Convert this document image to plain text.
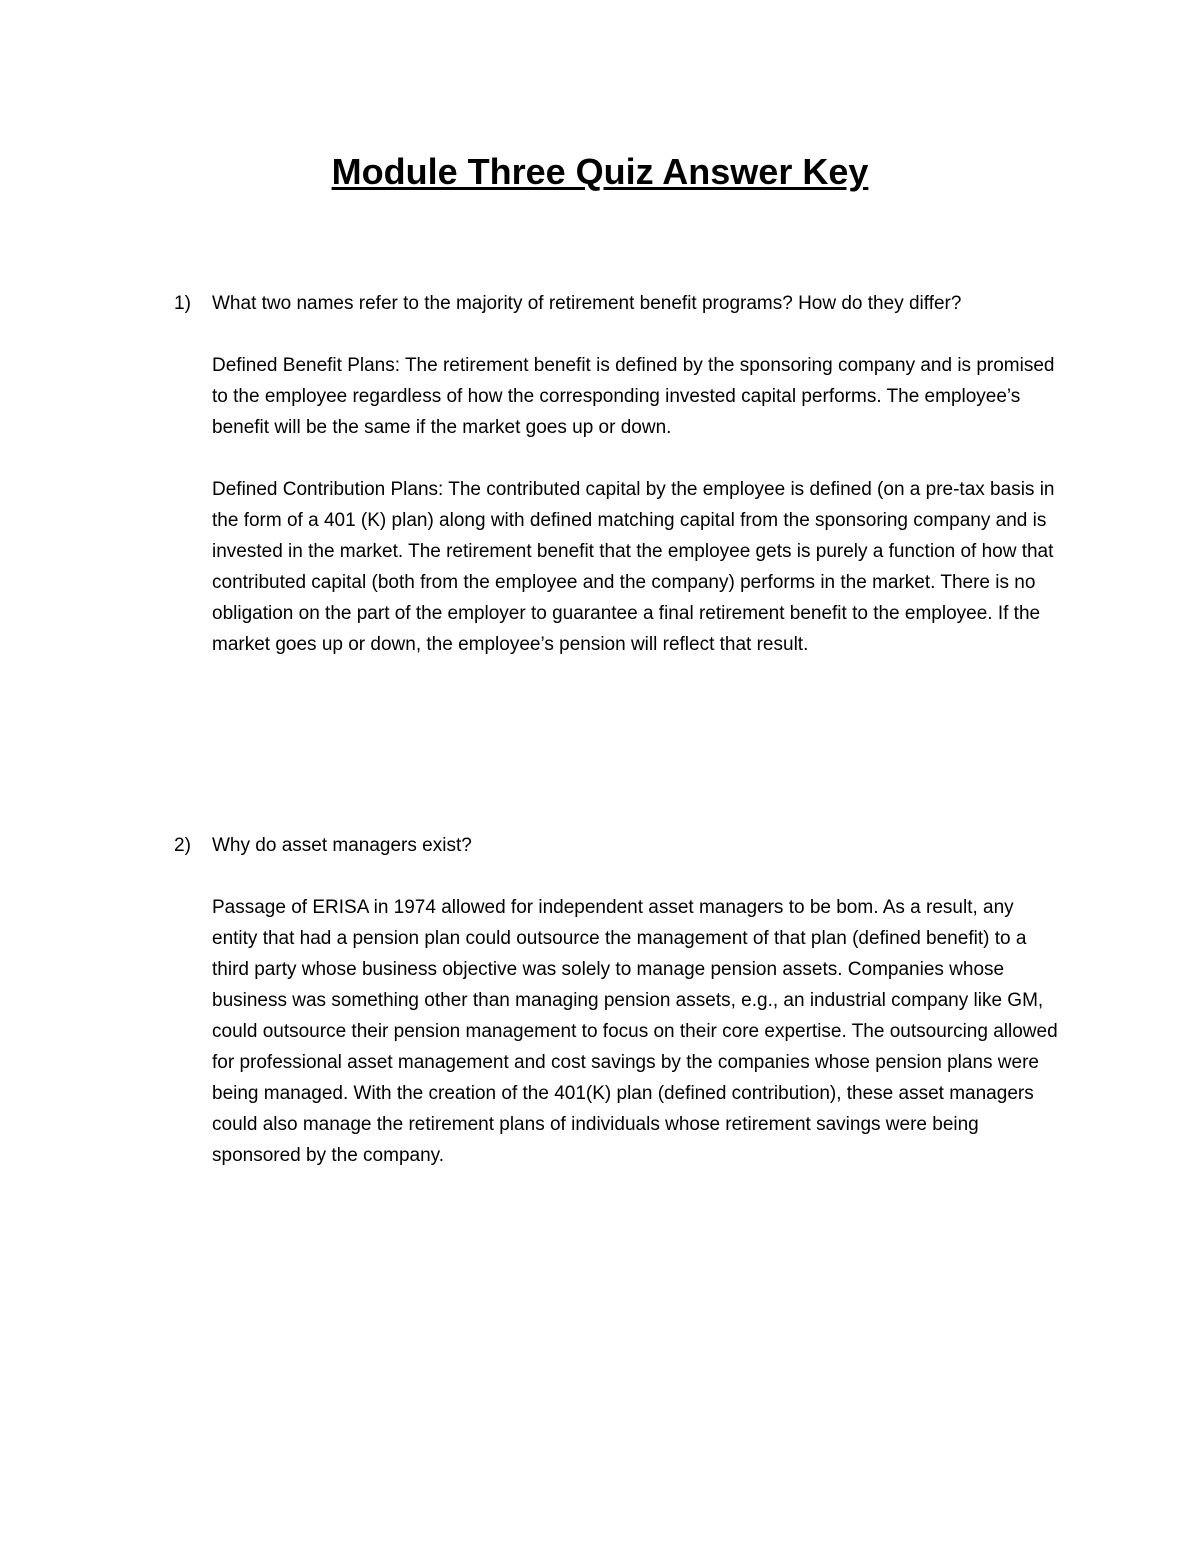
Module Three Quiz Answer Key
1)	What two names refer to the majority of retirement benefit programs? How do they differ?

Defined Benefit Plans: The retirement benefit is defined by the sponsoring company and is promised to the employee regardless of how the corresponding invested capital performs. The employee’s benefit will be the same if the market goes up or down.

Defined Contribution Plans: The contributed capital by the employee is defined (on a pre-tax basis in the form of a 401 (K) plan) along with defined matching capital from the sponsoring company and is invested in the market. The retirement benefit that the employee gets is purely a function of how that contributed capital (both from the employee and the company) performs in the market. There is no obligation on the part of the employer to guarantee a final retirement benefit to the employee. If the market goes up or down, the employee’s pension will reflect that result.

2)	Why do asset managers exist?

Passage of ERISA in 1974 allowed for independent asset managers to be bom. As a result, any entity that had a pension plan could outsource the management of that plan (defined benefit) to a third party whose business objective was solely to manage pension assets. Companies whose business was something other than managing pension assets, e.g., an industrial company like GM, could outsource their pension management to focus on their core expertise. The outsourcing allowed for professional asset management and cost savings by the companies whose pension plans were being managed. With the creation of the 401(K) plan (defined contribution), these asset managers could also manage the retirement plans of individuals whose retirement savings were being sponsored by the company.
